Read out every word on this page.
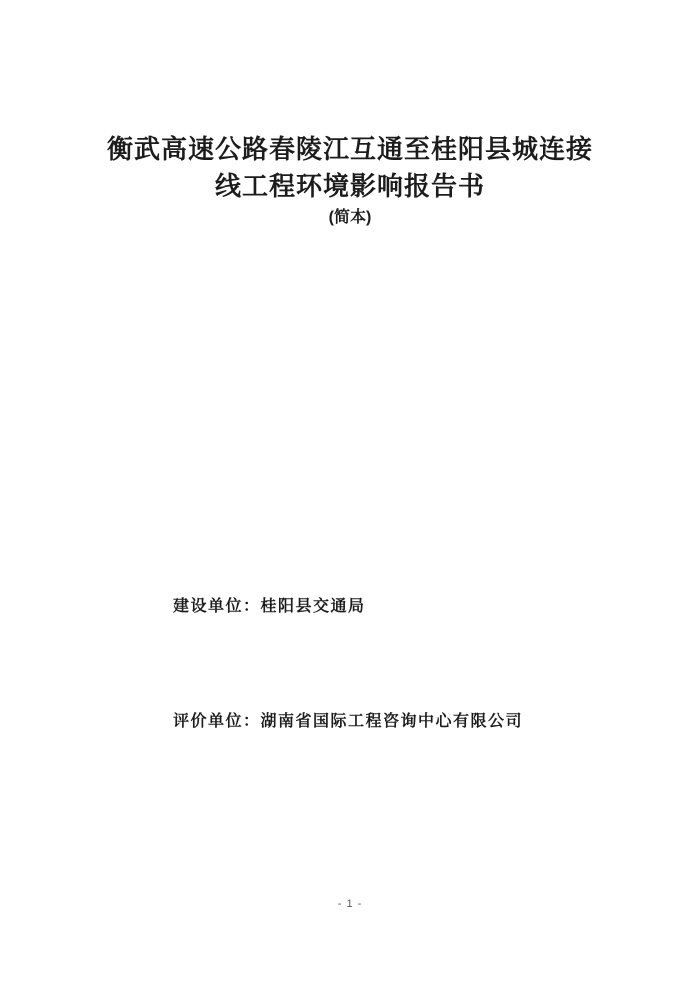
衡武高速公路春陵江互通至桂阳县城连接
线工程环境影响报告书
(简本)
建设单位：桂阳县交通局
评价单位：湖南省国际工程咨询中心有限公司
- 1 -
